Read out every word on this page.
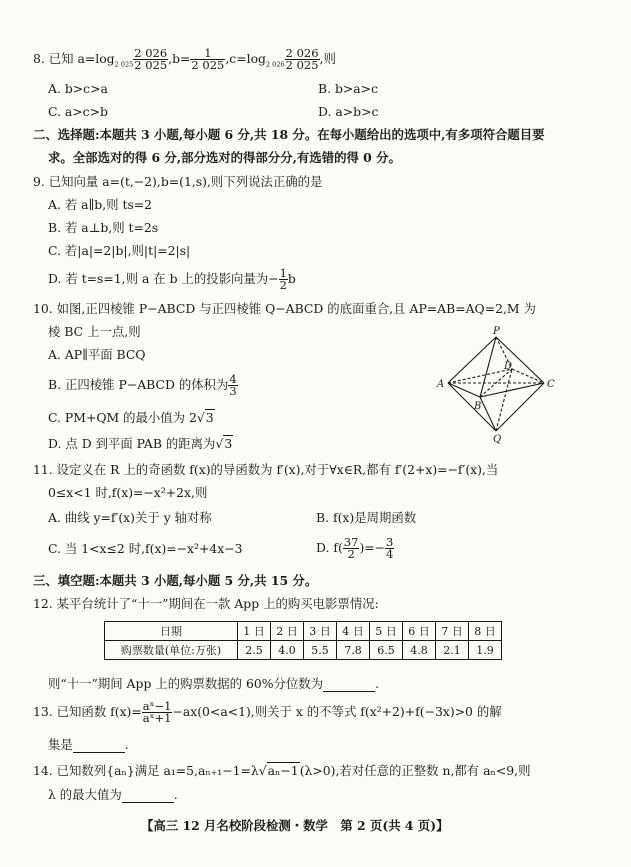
8. 已知 $a=\log_{2 025} \frac{2 026}{2 025} ,b= \frac{1}{2 025} ,c=\log_{2 026} \frac{2 026}{2 025}$ ,则
A. b>c>a	B. b>a>c
C. a>c>b	D. a>b>c
二、选择题:本题共 3 小题,每小题 6 分,共 18 分。在每小题给出的选项中,有多项符合题目要
求。全部选对的得 6 分,部分选对的得部分分,有选错的得 0 分。
9. 已知向量 a=(t,−2),b=(1,s),则下列说法正确的是
A. 若 a∥b,则 ts=2
B. 若 a⊥b,则 t=2s
C. 若|a|=2|b|,则|t|=2|s|
D. 若 t=s=1,则 a 在 b 上的投影向量为− $\frac{1}{2}$ b
10. 如图,正四棱锥 P−ABCD 与正四棱锥 Q−ABCD 的底面重合,且 AP=AB=AQ=2,M 为
棱 BC 上一点,则
A. AP∥平面 BCQ
B. 正四棱锥 P−ABCD 的体积为 $\frac{4}{3}$
C. PM+QM 的最小值为 2√3
D. 点 D 到平面 PAB 的距离为√3
P
A
B
C
D
Q
11. 设定义在 R 上的奇函数 f(x)的导函数为 f′(x),对于∀x∈R,都有 f′(2+x)=−f′(x),当
0≤x<1 时,f(x)=−x²+2x,则
A. 曲线 y=f′(x)关于 y 轴对称	B. f(x)是周期函数
C. 当 1<x≤2 时,f(x)=−x²+4x−3	D. $f( \frac{37}{2}$ )=− $\frac{3}{4}$
三、填空题:本题共 3 小题,每小题 5 分,共 15 分。
12. 某平台统计了“十一”期间在一款 App 上的购买电影票情况:
日期	1 日	2 日	3 日	4 日	5 日	6 日	7 日	8 日
购票数量(单位:万张)	2.5	4.0	5.5	7.8	6.5	4.8	2.1	1.9
则“十一”期间 App 上的购票数据的 60%分位数为	.
13. 已知函数 $f(x)= \frac{\text{aˣ−1}}{\text{aˣ+1}} -ax(0<a<1)$,则关于 x 的不等式 f(x²+2)+f(−3x)>0 的解
集是	.
14. 已知数列{aₙ}满足 a₁=5,aₙ₊₁−1=λ√aₙ−1(λ>0),若对任意的正整数 n,都有 aₙ<9,则
λ 的最大值为	.
【高三 12 月名校阶段检测・数学　第 2 页(共 4 页)】
